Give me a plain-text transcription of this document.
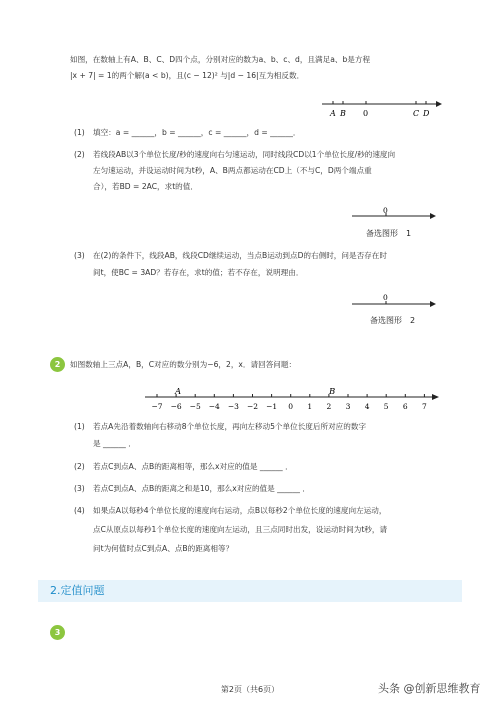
如图，在数轴上有A、B、C、D四个点，分别对应的数为a、b、c、d，且满足a、b是方程
|x + 7| = 1的两个解(a < b)，且(c − 12)² 与|d − 16|互为相反数．
A B 0	C D
(1) 填空：a = ______，b = ______，c = ______，d = ______．
(2) 若线段AB以3个单位长度/秒的速度向右匀速运动，同时线段CD以1个单位长度/秒的速度向
左匀速运动，并设运动时间为t秒，A、B两点都运动在CD上（不与C，D两个端点重
合），若BD = 2AC，求t的值．
0
备选图形　1
(3) 在(2)的条件下，线段AB，线段CD继续运动，当点B运动到点D的右侧时，问是否存在时
间t，使BC = 3AD？若存在，求t的值；若不存在，说明理由．
0
备选图形　2
2	如图数轴上三点A，B，C对应的数分别为−6，2，x．请回答问题：
A	B
−7 −6 −5 −4 −3 −2 −1 0 1 2 3 4 5 6 7
(1) 若点A先沿着数轴向右移动8个单位长度，再向左移动5个单位长度后所对应的数字
是 ______ ．
(2) 若点C到点A、点B的距离相等，那么x对应的值是 ______ ．
(3) 若点C到点A、点B的距离之和是10，那么x对应的值是 ______ ．
(4) 如果点A以每秒4个单位长度的速度向右运动，点B以每秒2个单位长度的速度向左运动，
点C从原点以每秒1个单位长度的速度向左运动，且三点同时出发，设运动时间为t秒，请
问t为何值时点C到点A、点B的距离相等？
2.定值问题
3
第2页（共6页）	头条 @创新思维教育
